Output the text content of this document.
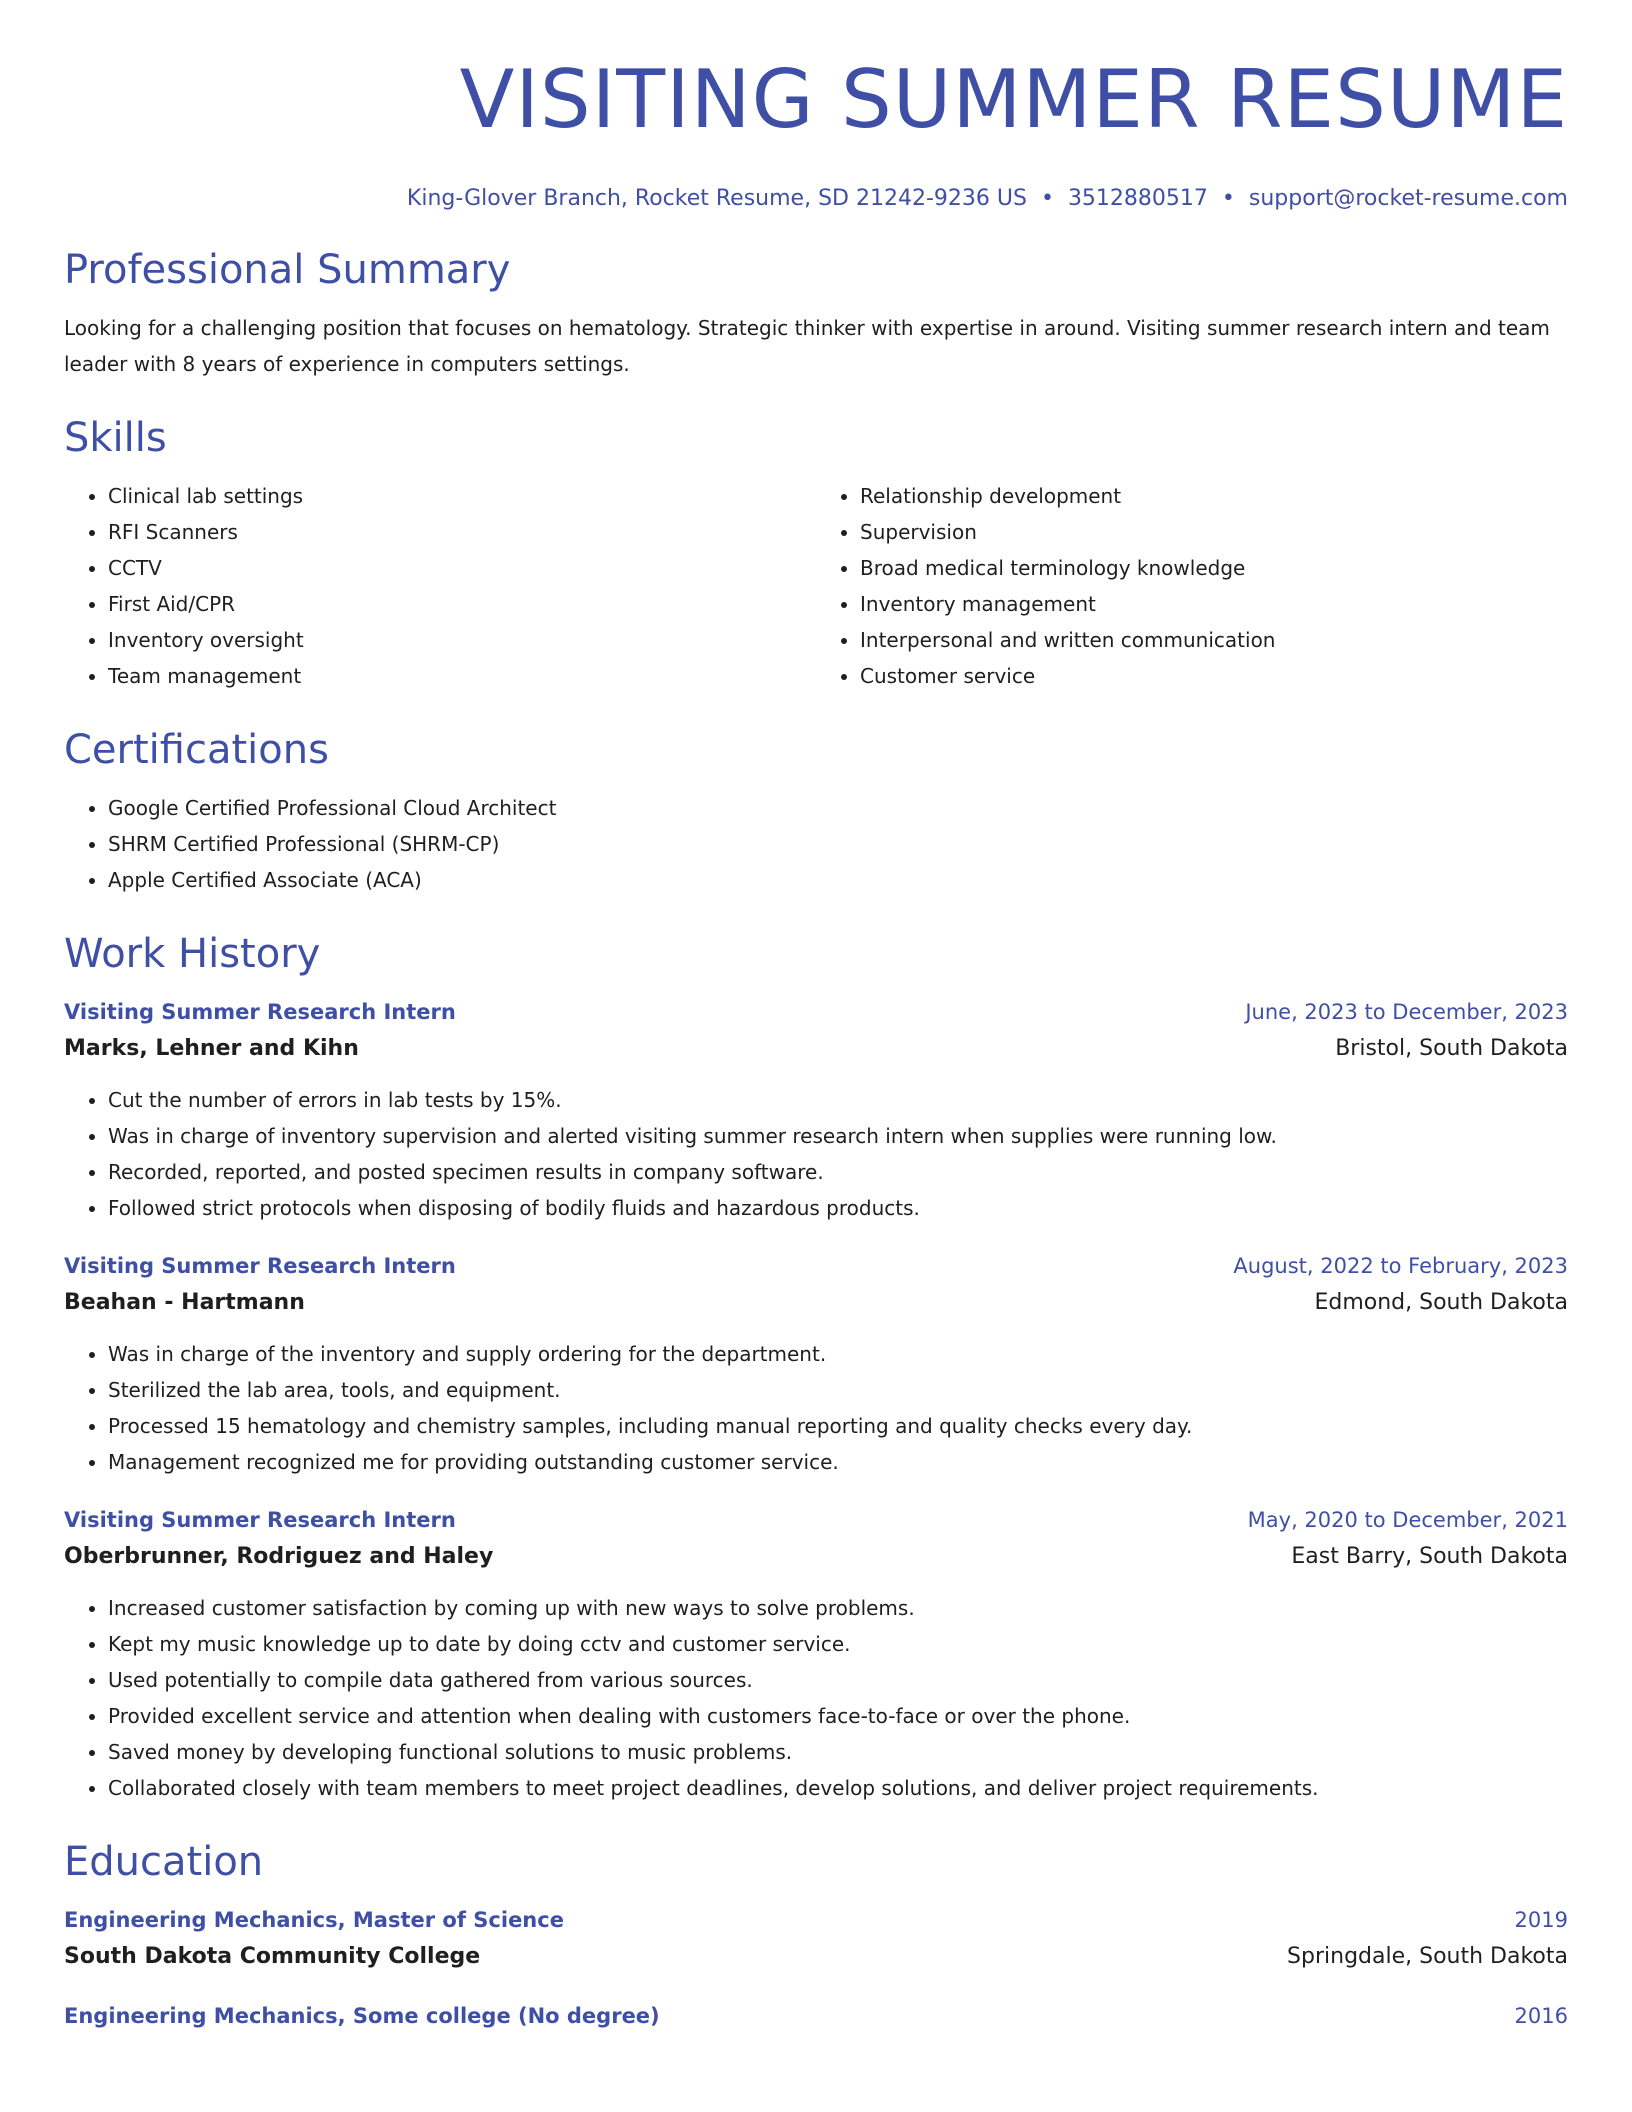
VISITING SUMMER RESUME
King-Glover Branch, Rocket Resume, SD 21242-9236 US • 3512880517 • support@rocket-resume.com
Professional Summary

Looking for a challenging position that focuses on hematology. Strategic thinker with expertise in around. Visiting summer research intern and team leader with 8 years of experience in computers settings.

Skills
• Clinical lab settings
• RFI Scanners
• CCTV
• First Aid/CPR
• Inventory oversight
• Team management
• Relationship development
• Supervision
• Broad medical terminology knowledge
• Inventory management
• Interpersonal and written communication
• Customer service
Certifications
• Google Certified Professional Cloud Architect
• SHRM Certified Professional (SHRM-CP)
• Apple Certified Associate (ACA)
Work History
Visiting Summer Research Intern	June, 2023 to December, 2023
Marks, Lehner and Kihn	Bristol, South Dakota
• Cut the number of errors in lab tests by 15%.
• Was in charge of inventory supervision and alerted visiting summer research intern when supplies were running low.
• Recorded, reported, and posted specimen results in company software.
• Followed strict protocols when disposing of bodily fluids and hazardous products.
Visiting Summer Research Intern	August, 2022 to February, 2023
Beahan - Hartmann	Edmond, South Dakota
• Was in charge of the inventory and supply ordering for the department.
• Sterilized the lab area, tools, and equipment.
• Processed 15 hematology and chemistry samples, including manual reporting and quality checks every day.
• Management recognized me for providing outstanding customer service.
Visiting Summer Research Intern	May, 2020 to December, 2021
Oberbrunner, Rodriguez and Haley	East Barry, South Dakota
• Increased customer satisfaction by coming up with new ways to solve problems.
• Kept my music knowledge up to date by doing cctv and customer service.
• Used potentially to compile data gathered from various sources.
• Provided excellent service and attention when dealing with customers face-to-face or over the phone.
• Saved money by developing functional solutions to music problems.
• Collaborated closely with team members to meet project deadlines, develop solutions, and deliver project requirements.
Education
Engineering Mechanics, Master of Science	2019
South Dakota Community College	Springdale, South Dakota
Engineering Mechanics, Some college (No degree)	2016
